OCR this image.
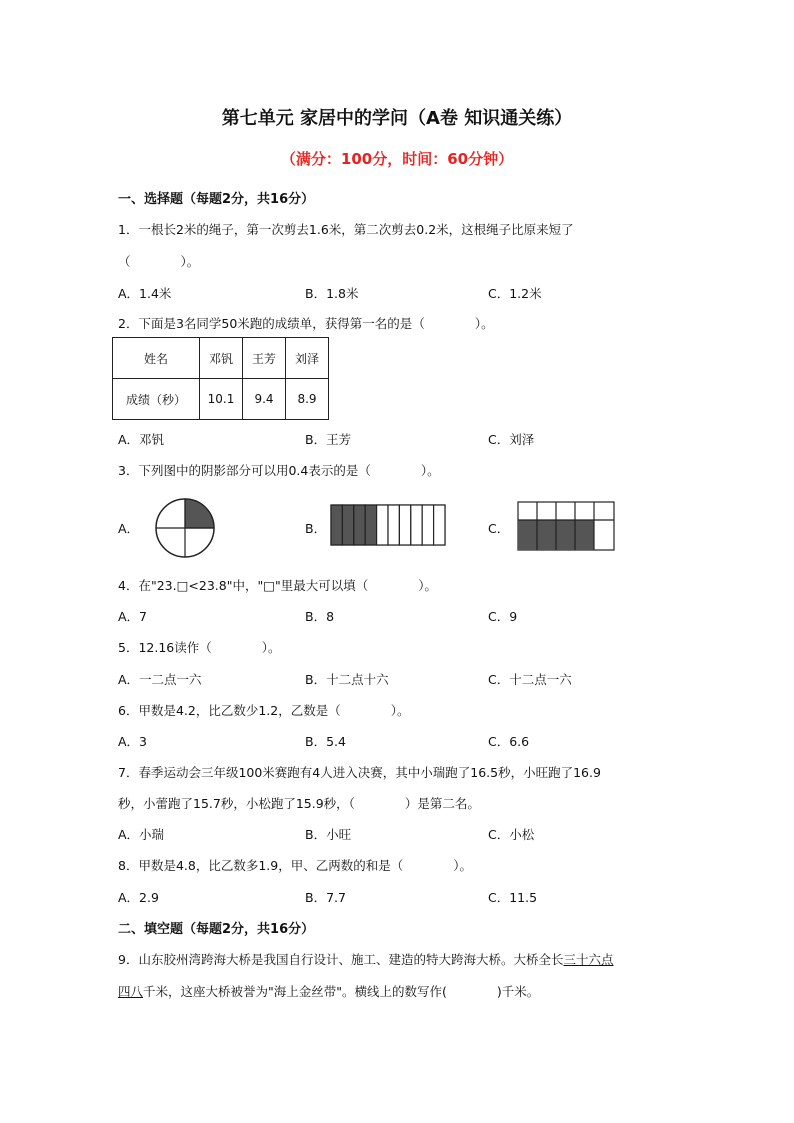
第七单元 家居中的学问（A卷 知识通关练）
（满分：100分，时间：60分钟）
一、选择题（每题2分，共16分）
1．一根长2米的绳子，第一次剪去1.6米，第二次剪去0.2米，这根绳子比原来短了
（　　　　）。
A．1.4米	B．1.8米	C．1.2米
2．下面是3名同学50米跑的成绩单，获得第一名的是（　　　　）。
姓名	邓钒	王芳	刘泽
成绩（秒）	10.1	9.4	8.9
A．邓钒	B．王芳	C．刘泽
3．下列图中的阴影部分可以用0.4表示的是（　　　　）。
A．	B．	C．
4．在"23.□<23.8"中，"□"里最大可以填（　　　　）。
A．7	B．8	C．9
5．12.16读作（　　　　）。
A．一二点一六	B．十二点十六	C．十二点一六
6．甲数是4.2，比乙数少1.2，乙数是（　　　　）。
A．3	B．5.4	C．6.6
7．春季运动会三年级100米赛跑有4人进入决赛，其中小瑞跑了16.5秒，小旺跑了16.9
秒，小蕾跑了15.7秒，小松跑了15.9秒，（　　　　）是第二名。
A．小瑞	B．小旺	C．小松
8．甲数是4.8，比乙数多1.9，甲、乙两数的和是（　　　　）。
A．2.9	B．7.7	C．11.5
二、填空题（每题2分，共16分）
9．山东胶州湾跨海大桥是我国自行设计、施工、建造的特大跨海大桥。大桥全长三十六点
四八千米，这座大桥被誉为"海上金丝带"。横线上的数写作(　　　　)千米。
